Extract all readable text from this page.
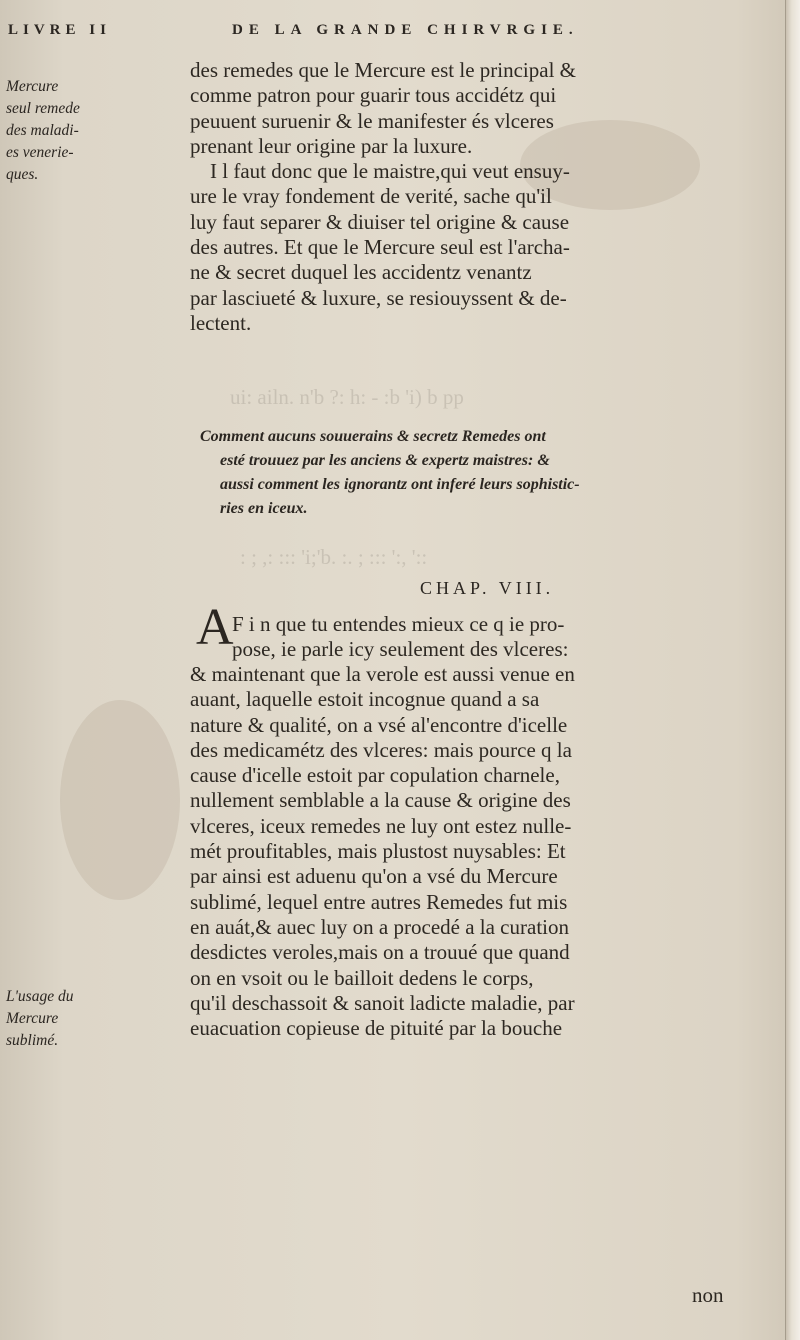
ui: ailn. n'b ?: h: - :b 'i) b pp
: ; ,: ::: 'i;'b. :. ; ::: ':, '::
LIVRE II	DE LA GRANDE CHIRVRGIE.
Mercure
seul remede
des maladi-
es venerie-
ques.
L'usage du
Mercure
sublimé.
des remedes que le Mercure est le principal &
comme patron pour guarir tous accidétz qui
peuuent suruenir & le manifester és vlceres
prenant leur origine par la luxure.
I l faut donc que le maistre,qui veut ensuy-
ure le vray fondement de verité, sache qu'il
luy faut separer & diuiser tel origine & cause
des autres. Et que le Mercure seul est l'archa-
ne & secret duquel les accidentz venantz
par lasciueté & luxure, se resiouyssent & de-
lectent.
Comment aucuns souuerains & secretz Remedes ont
esté trouuez par les anciens & expertz maistres: &
aussi comment les ignorantz ont inferé leurs sophistic-
ries en iceux.
CHAP. VIII.
A
F i n que tu entendes mieux ce q ie pro-
pose, ie parle icy seulement des vlceres:
& maintenant que la verole est aussi venue en
auant, laquelle estoit incognue quand a sa
nature & qualité, on a vsé al'encontre d'icelle
des medicamétz des vlceres: mais pource q la
cause d'icelle estoit par copulation charnele,
nullement semblable a la cause & origine des
vlceres, iceux remedes ne luy ont estez nulle-
mét proufitables, mais plustost nuysables: Et
par ainsi est aduenu qu'on a vsé du Mercure
sublimé, lequel entre autres Remedes fut mis
en auát,& auec luy on a procedé a la curation
desdictes veroles,mais on a trouué que quand
on en vsoit ou le bailloit dedens le corps,
qu'il deschassoit & sanoit ladicte maladie, par
euacuation copieuse de pituité par la bouche
non
